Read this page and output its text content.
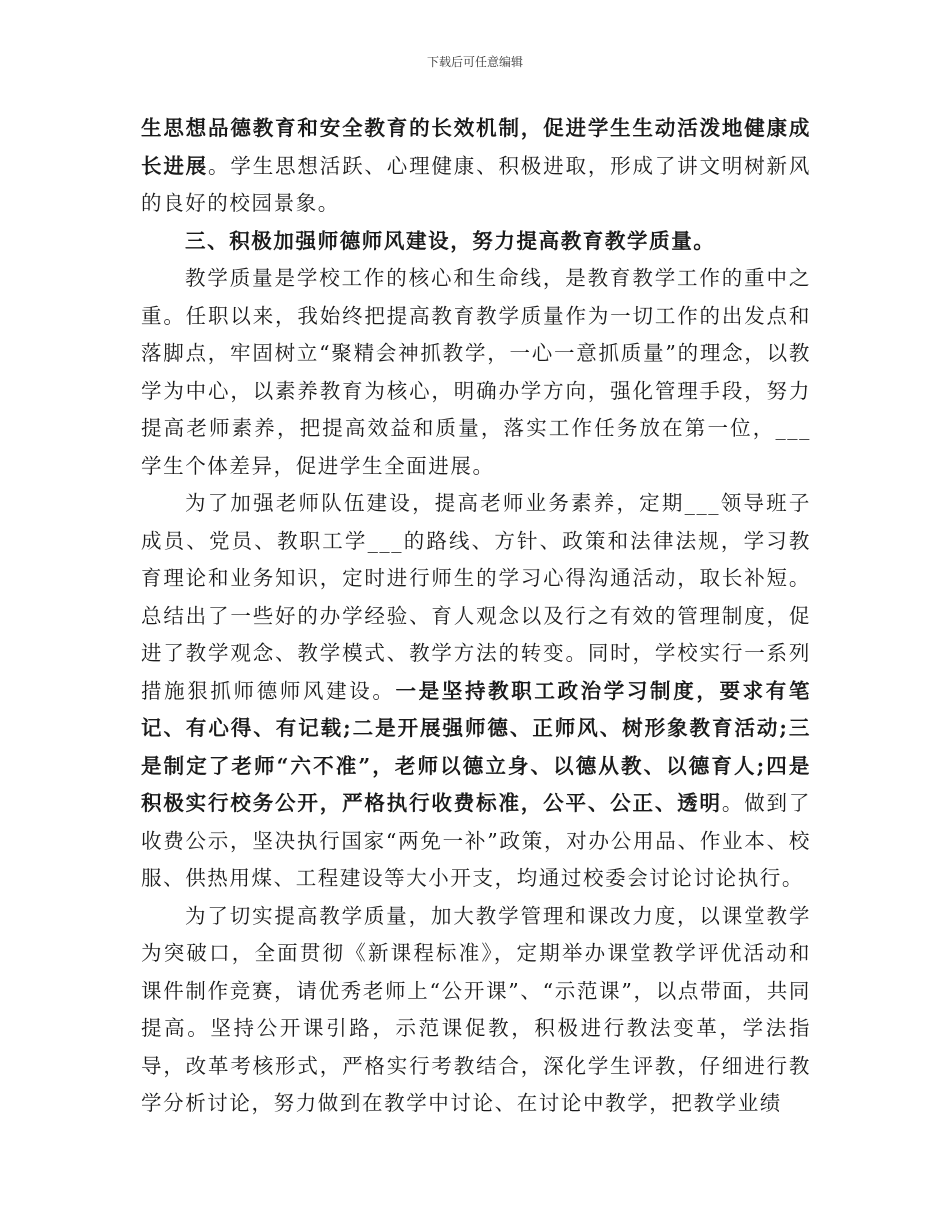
下载后可任意编辑

生思想品德教育和安全教育的长效机制，促进学生生动活泼地健康成长进展。学生思想活跃、心理健康、积极进取，形成了讲文明树新风的良好的校园景象。

三、积极加强师德师风建设，努力提高教育教学质量。

教学质量是学校工作的核心和生命线，是教育教学工作的重中之重。任职以来，我始终把提高教育教学质量作为一切工作的出发点和落脚点，牢固树立“聚精会神抓教学，一心一意抓质量”的理念，以教学为中心，以素养教育为核心，明确办学方向，强化管理手段，努力提高老师素养，把提高效益和质量，落实工作任务放在第一位，___学生个体差异，促进学生全面进展。

为了加强老师队伍建设，提高老师业务素养，定期___领导班子成员、党员、教职工学___的路线、方针、政策和法律法规，学习教育理论和业务知识，定时进行师生的学习心得沟通活动，取长补短。总结出了一些好的办学经验、育人观念以及行之有效的管理制度，促进了教学观念、教学模式、教学方法的转变。同时，学校实行一系列措施狠抓师德师风建设。一是坚持教职工政治学习制度，要求有笔记、有心得、有记载;二是开展强师德、正师风、树形象教育活动;三是制定了老师“六不准”，老师以德立身、以德从教、以德育人;四是积极实行校务公开，严格执行收费标准，公平、公正、透明。做到了收费公示，坚决执行国家“两免一补”政策，对办公用品、作业本、校服、供热用煤、工程建设等大小开支，均通过校委会讨论讨论执行。

为了切实提高教学质量，加大教学管理和课改力度，以课堂教学为突破口，全面贯彻《新课程标准》，定期举办课堂教学评优活动和课件制作竞赛，请优秀老师上“公开课”、“示范课”，以点带面，共同提高。坚持公开课引路，示范课促教，积极进行教法变革，学法指导，改革考核形式，严格实行考教结合，深化学生评教，仔细进行教学分析讨论，努力做到在教学中讨论、在讨论中教学，把教学业绩
